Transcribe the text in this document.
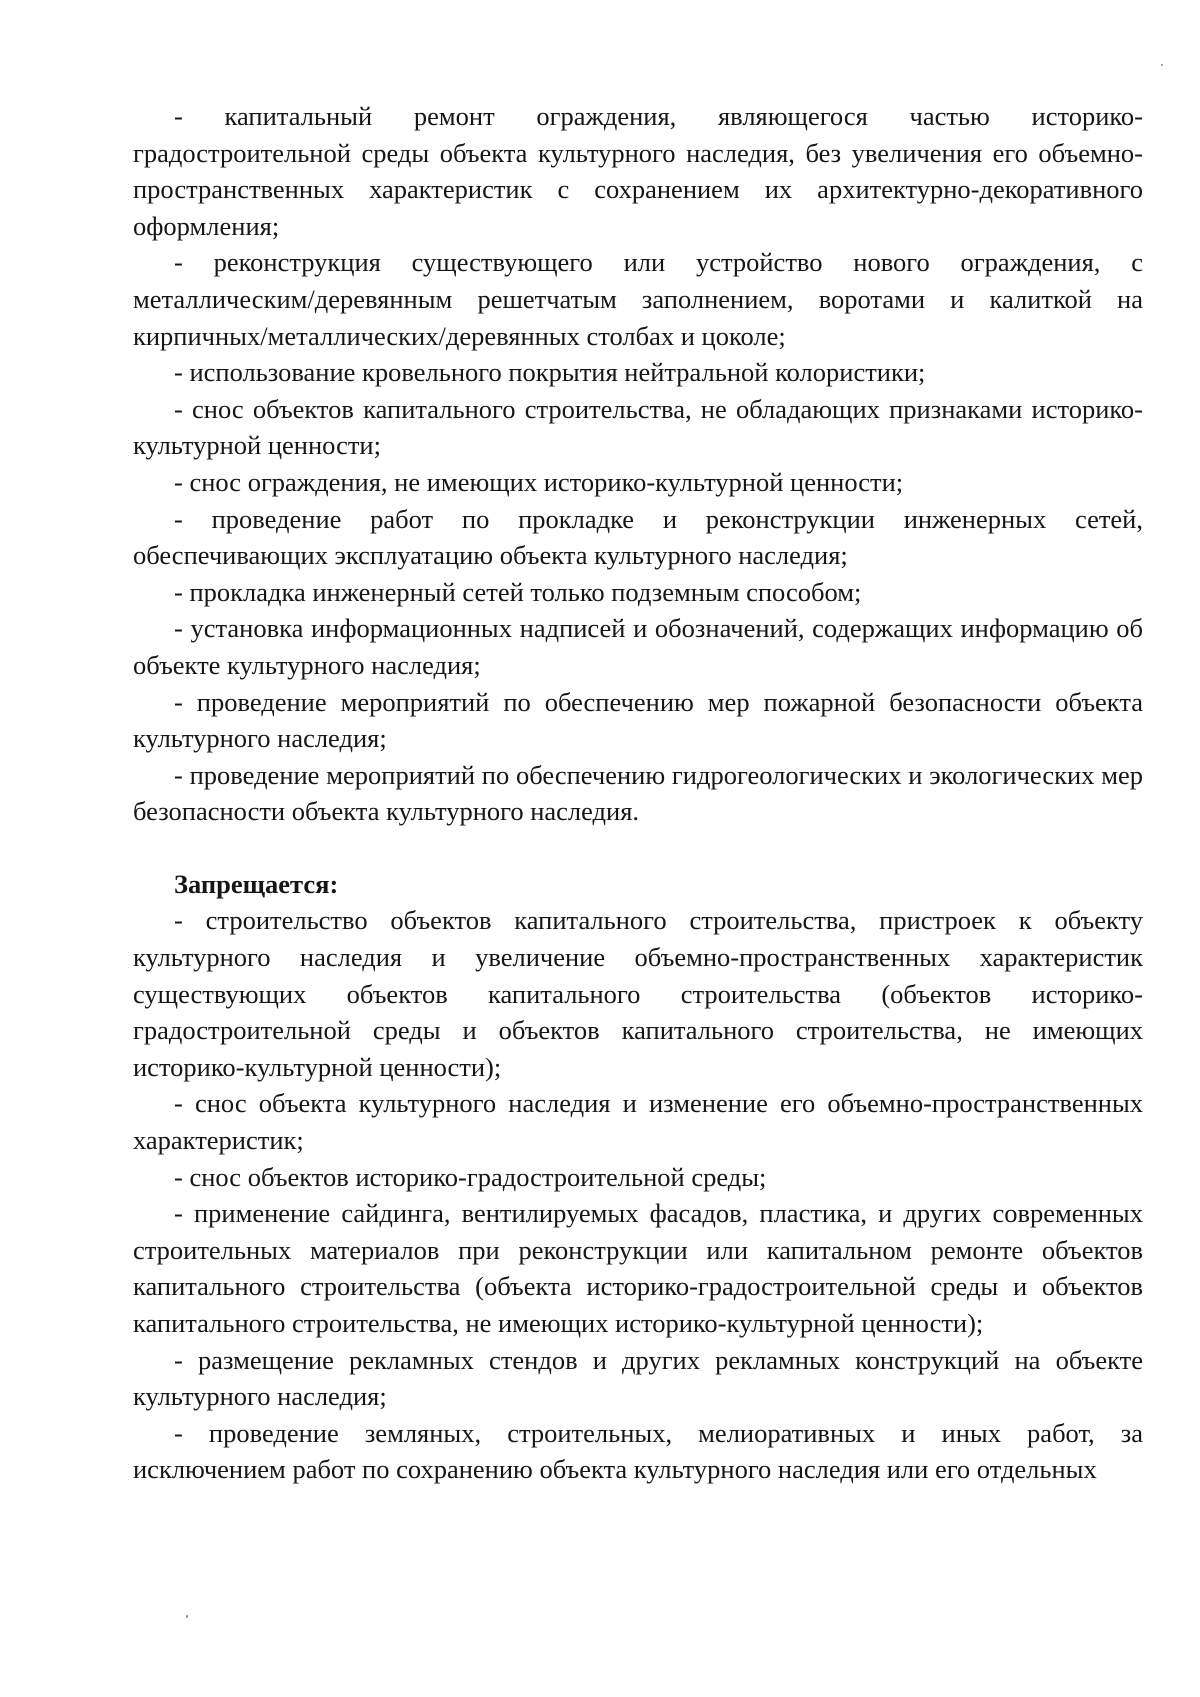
- капитальный ремонт ограждения, являющегося частью историко-градостроительной среды объекта культурного наследия, без увеличения его объемно-пространственных характеристик с сохранением их архитектурно-декоративного оформления;

- реконструкция существующего или устройство нового ограждения, с металлическим/деревянным решетчатым заполнением, воротами и калиткой на кирпичных/металлических/деревянных столбах и цоколе;

- использование кровельного покрытия нейтральной колористики;

- снос объектов капитального строительства, не обладающих признаками историко-культурной ценности;

- снос ограждения, не имеющих историко-культурной ценности;

- проведение работ по прокладке и реконструкции инженерных сетей, обеспечивающих эксплуатацию объекта культурного наследия;

- прокладка инженерный сетей только подземным способом;

- установка информационных надписей и обозначений, содержащих информацию об объекте культурного наследия;

- проведение мероприятий по обеспечению мер пожарной безопасности объекта культурного наследия;

- проведение мероприятий по обеспечению гидрогеологических и экологических мер безопасности объекта культурного наследия.

Запрещается:

- строительство объектов капитального строительства, пристроек к объекту культурного наследия и увеличение объемно-пространственных характеристик существующих объектов капитального строительства (объектов историко-градостроительной среды и объектов капитального строительства, не имеющих историко-культурной ценности);

- снос объекта культурного наследия и изменение его объемно-пространственных характеристик;

- снос объектов историко-градостроительной среды;

- применение сайдинга, вентилируемых фасадов, пластика, и других современных строительных материалов при реконструкции или капитальном ремонте объектов капитального строительства (объекта историко-градостроительной среды и объектов капитального строительства, не имеющих историко-культурной ценности);

- размещение рекламных стендов и других рекламных конструкций на объекте культурного наследия;

- проведение земляных, строительных, мелиоративных и иных работ, за исключением работ по сохранению объекта культурного наследия или его отдельных
